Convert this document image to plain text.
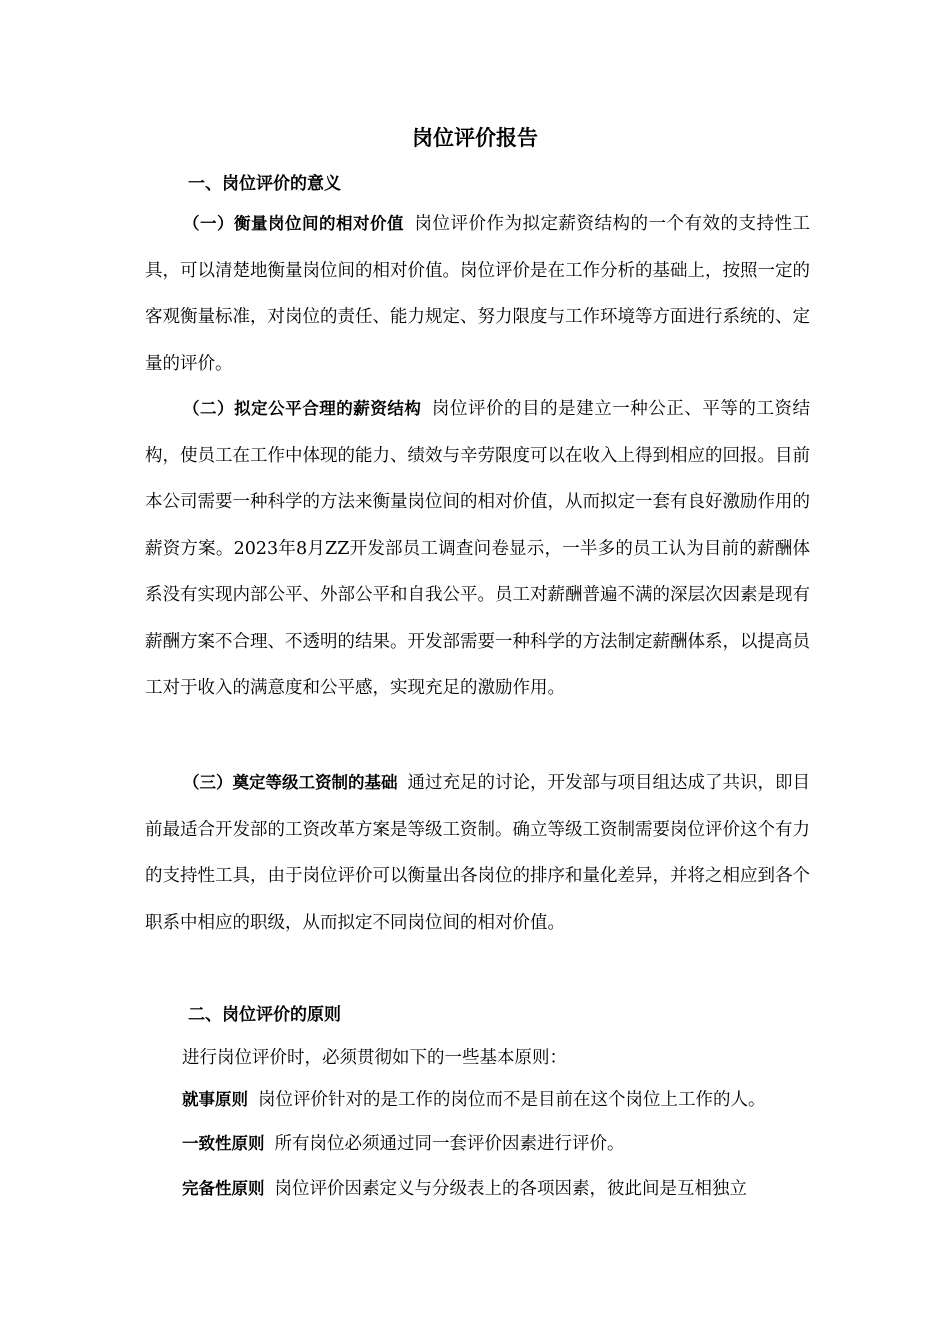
岗位评价报告
一、岗位评价的意义

（一）衡量岗位间的相对价值 岗位评价作为拟定薪资结构的一个有效的支持性工具，可以清楚地衡量岗位间的相对价值。岗位评价是在工作分析的基础上，按照一定的客观衡量标准，对岗位的责任、能力规定、努力限度与工作环境等方面进行系统的、定量的评价。

（二）拟定公平合理的薪资结构 岗位评价的目的是建立一种公正、平等的工资结构，使员工在工作中体现的能力、绩效与辛劳限度可以在收入上得到相应的回报。目前本公司需要一种科学的方法来衡量岗位间的相对价值，从而拟定一套有良好激励作用的薪资方案。2023年8月ZZ开发部员工调查问卷显示，一半多的员工认为目前的薪酬体系没有实现内部公平、外部公平和自我公平。员工对薪酬普遍不满的深层次因素是现有薪酬方案不合理、不透明的结果。开发部需要一种科学的方法制定薪酬体系，以提高员工对于收入的满意度和公平感，实现充足的激励作用。

（三）奠定等级工资制的基础 通过充足的讨论，开发部与项目组达成了共识，即目前最适合开发部的工资改革方案是等级工资制。确立等级工资制需要岗位评价这个有力的支持性工具，由于岗位评价可以衡量出各岗位的排序和量化差异，并将之相应到各个职系中相应的职级，从而拟定不同岗位间的相对价值。

二、岗位评价的原则

进行岗位评价时，必须贯彻如下的一些基本原则：

就事原则 岗位评价针对的是工作的岗位而不是目前在这个岗位上工作的人。

一致性原则 所有岗位必须通过同一套评价因素进行评价。

完备性原则 岗位评价因素定义与分级表上的各项因素，彼此间是互相独立
